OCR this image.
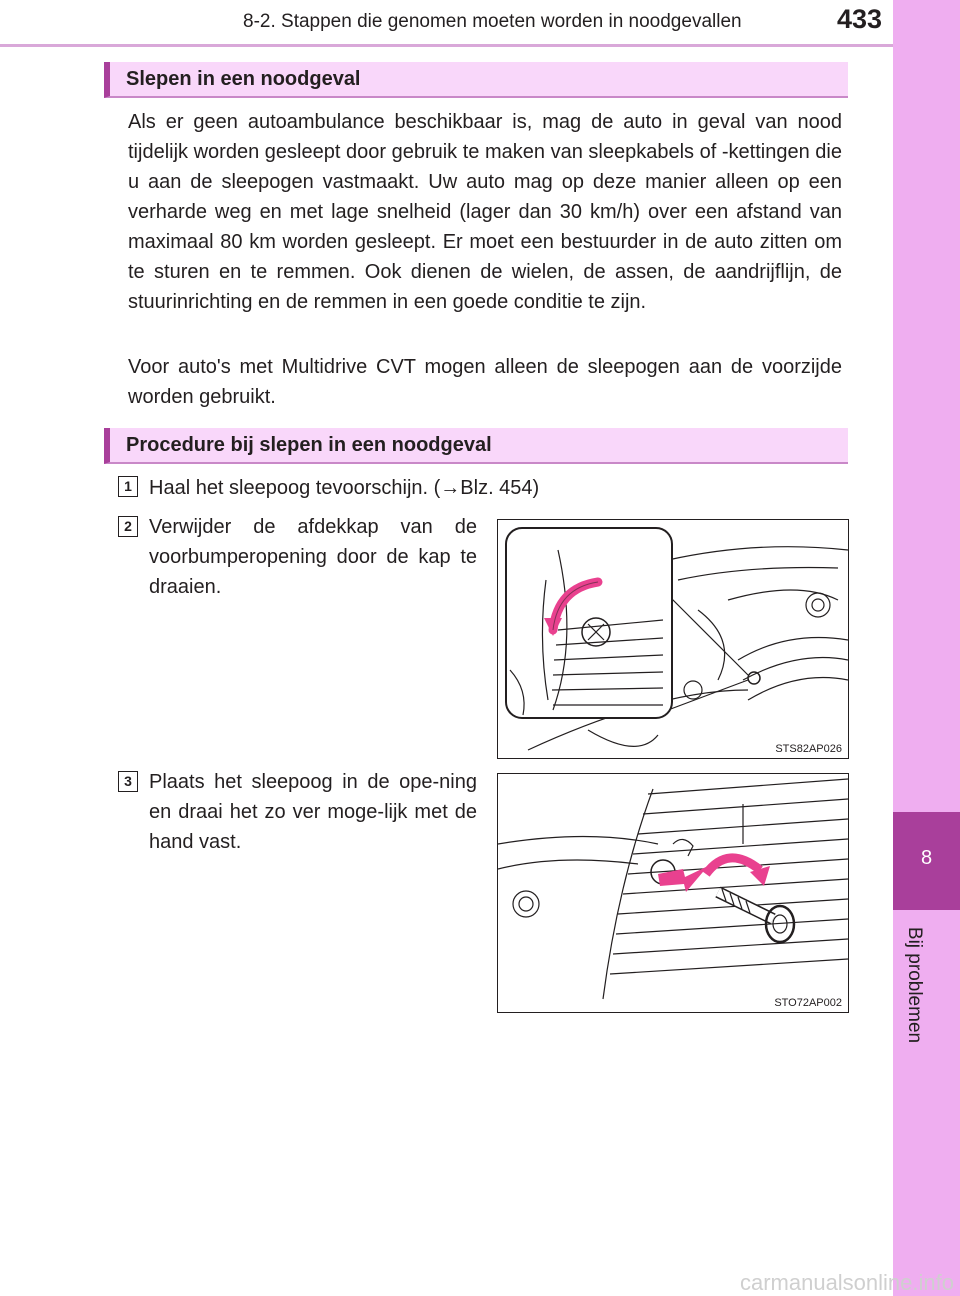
8-2. Stappen die genomen moeten worden in noodgevallen	433
8
Bij problemen
Slepen in een noodgeval

Als er geen autoambulance beschikbaar is, mag de auto in geval van nood tijdelijk worden gesleept door gebruik te maken van sleepkabels of -kettingen die u aan de sleepogen vastmaakt. Uw auto mag op deze manier alleen op een verharde weg en met lage snelheid (lager dan 30 km/h) over een afstand van maximaal 80 km worden gesleept. Er moet een bestuurder in de auto zitten om te sturen en te remmen. Ook dienen de wielen, de assen, de aandrijflijn, de stuurinrichting en de remmen in een goede conditie te zijn.

Voor auto's met Multidrive CVT mogen alleen de sleepogen aan de voorzijde worden gebruikt.

Procedure bij slepen in een noodgeval
1 Haal het sleepoog tevoorschijn. (→Blz. 454)

2 Verwijder de afdekkap van de voorbumperopening door de kap te draaien.

STS82AP026
3 Plaats het sleepoog in de ope-ning en draai het zo ver moge-lijk met de hand vast.

STO72AP002
carmanualsonline.info
